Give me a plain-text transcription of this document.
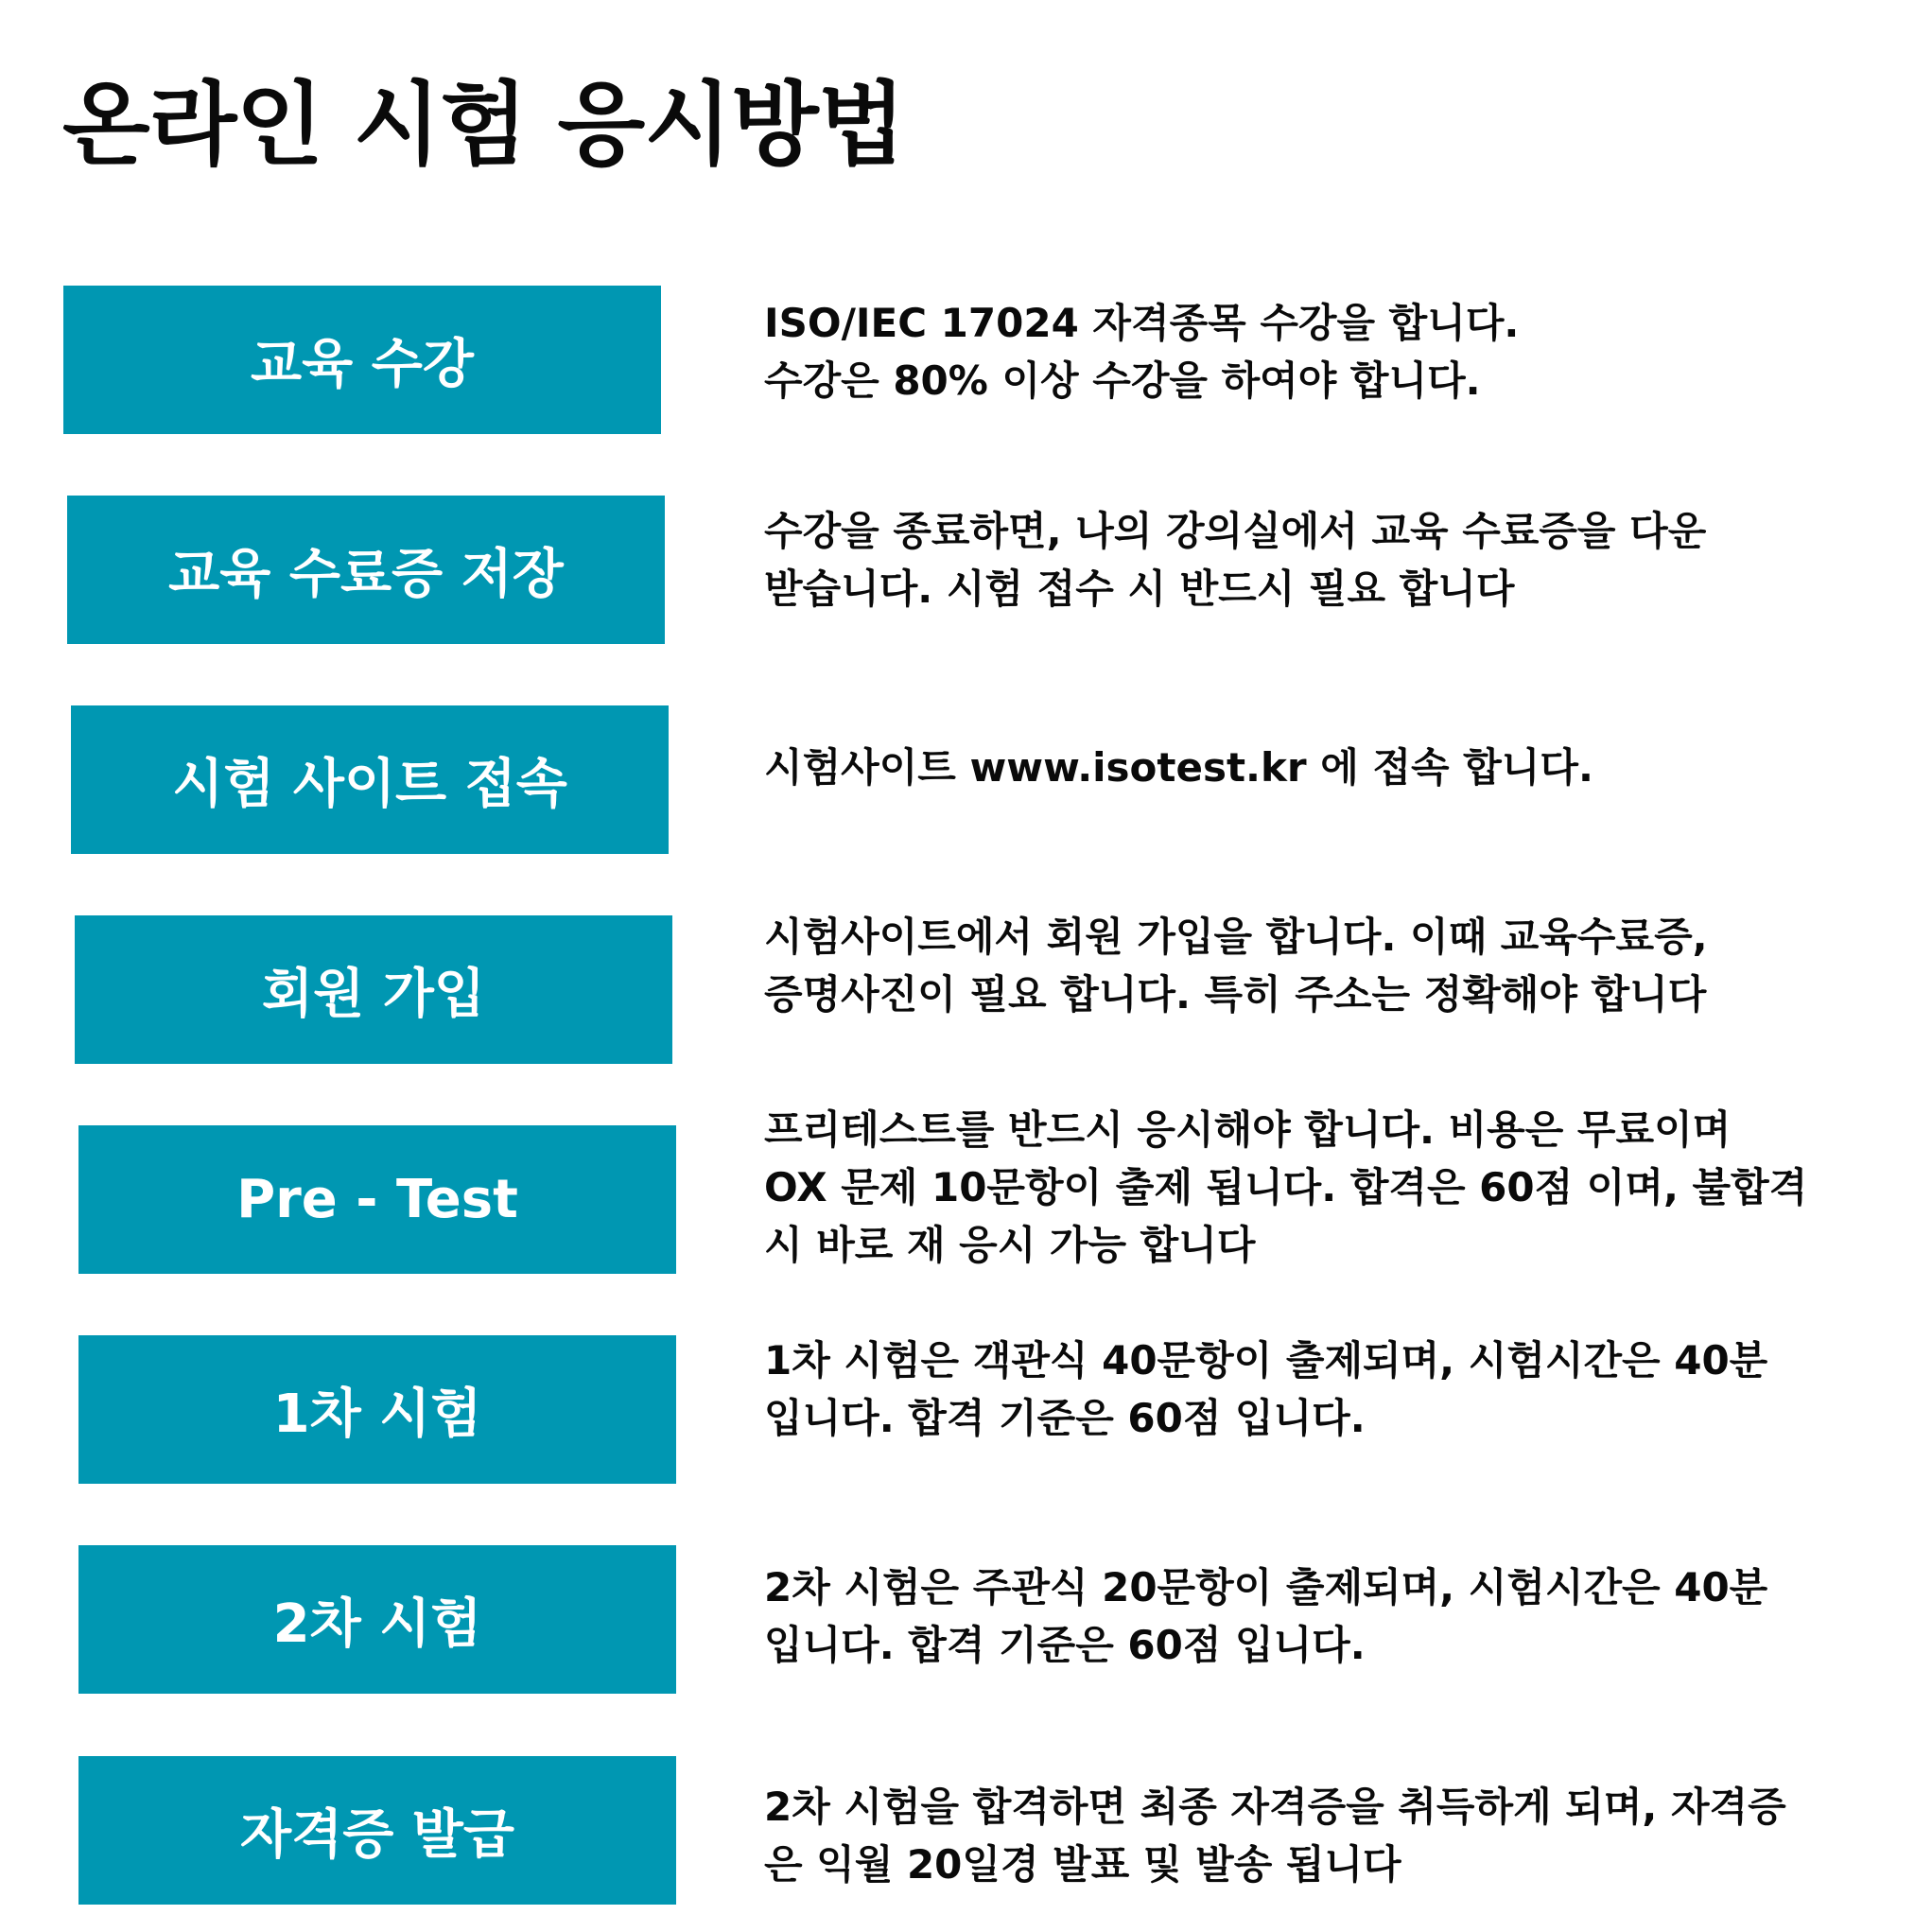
온라인 시험 응시방법
교육 수강
ISO/IEC 17024 자격종목 수강을 합니다.
수강은 80% 이상 수강을 하여야 합니다.
교육 수료증 저장
수강을 종료하면, 나의 강의실에서 교육 수료증을 다운
받습니다. 시험 접수 시 반드시 필요 합니다
시험 사이트 접속	시험사이트 www.isotest.kr 에 접속 합니다.
회원 가입
시험사이트에서 회원 가입을 합니다. 이때 교육수료증,
증명사진이 필요 합니다. 특히 주소는 정확해야 합니다
Pre - Test
프리테스트를 반드시 응시해야 합니다. 비용은 무료이며
OX 문제 10문항이 출제 됩니다. 합격은 60점 이며, 불합격
시 바로 재 응시 가능 합니다
1차 시험
1차 시험은 객관식 40문항이 출제되며, 시험시간은 40분
입니다. 합격 기준은 60점 입니다.
2차 시험
2차 시험은 주관식 20문항이 출제되며, 시험시간은 40분
입니다. 합격 기준은 60점 입니다.
자격증 발급	2차 시험을 합격하면 최종 자격증을 취득하게 되며, 자격증
은 익월 20일경 발표 및 발송 됩니다
